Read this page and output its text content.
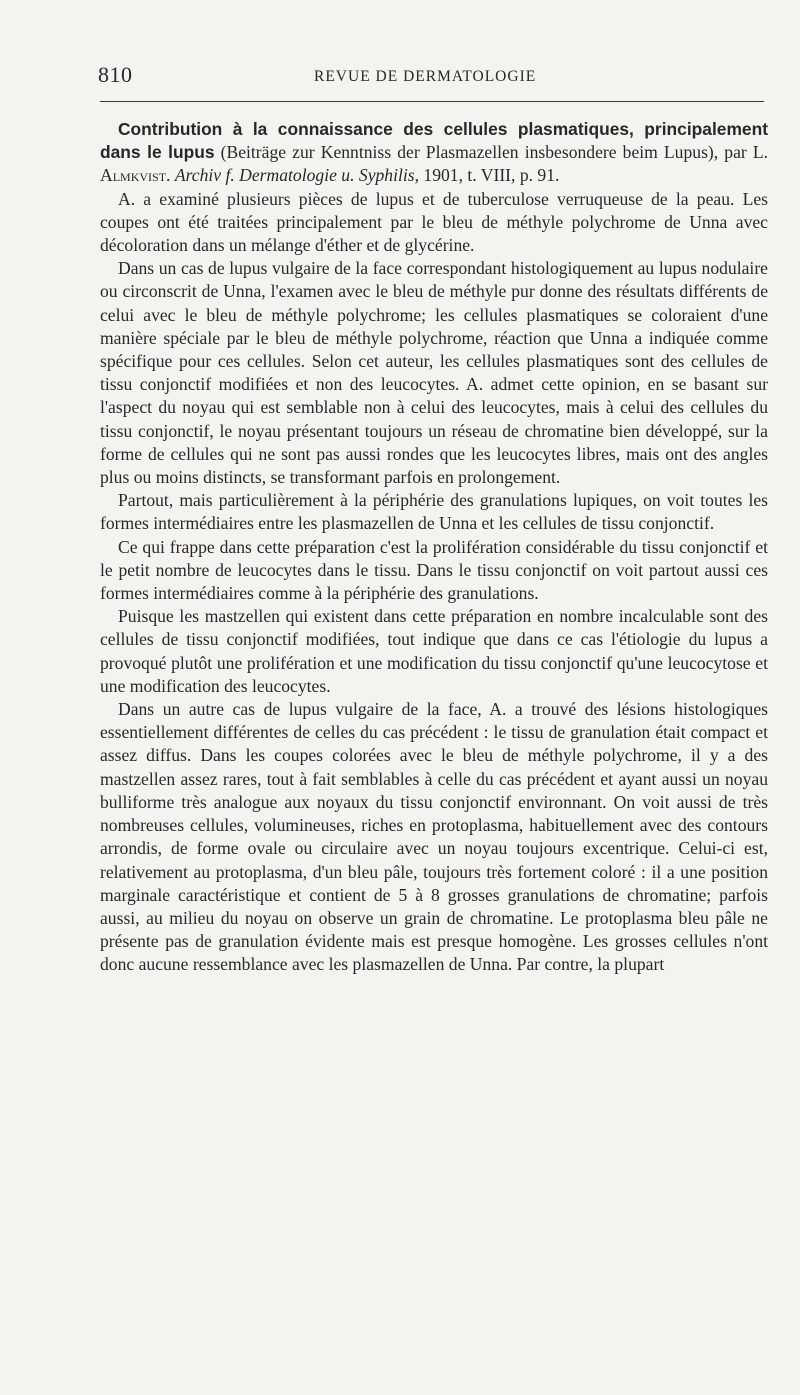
810	REVUE DE DERMATOLOGIE

Contribution à la connaissance des cellules plasmatiques, principalement dans le lupus (Beiträge zur Kenntniss der Plasmazellen insbesondere beim Lupus), par L. Almkvist. Archiv f. Dermatologie u. Syphilis, 1901, t. VIII, p. 91.

A. a examiné plusieurs pièces de lupus et de tuberculose verruqueuse de la peau. Les coupes ont été traitées principalement par le bleu de méthyle polychrome de Unna avec décoloration dans un mélange d'éther et de glycérine.

Dans un cas de lupus vulgaire de la face correspondant histologiquement au lupus nodulaire ou circonscrit de Unna, l'examen avec le bleu de méthyle pur donne des résultats différents de celui avec le bleu de méthyle polychrome; les cellules plasmatiques se coloraient d'une manière spéciale par le bleu de méthyle polychrome, réaction que Unna a indiquée comme spécifique pour ces cellules. Selon cet auteur, les cellules plasmatiques sont des cellules de tissu conjonctif modifiées et non des leucocytes. A. admet cette opinion, en se basant sur l'aspect du noyau qui est semblable non à celui des leucocytes, mais à celui des cellules du tissu conjonctif, le noyau présentant toujours un réseau de chromatine bien développé, sur la forme de cellules qui ne sont pas aussi rondes que les leucocytes libres, mais ont des angles plus ou moins distincts, se transformant parfois en prolongement.

Partout, mais particulièrement à la périphérie des granulations lupiques, on voit toutes les formes intermédiaires entre les plasmazellen de Unna et les cellules de tissu conjonctif.

Ce qui frappe dans cette préparation c'est la prolifération considérable du tissu conjonctif et le petit nombre de leucocytes dans le tissu. Dans le tissu conjonctif on voit partout aussi ces formes intermédiaires comme à la périphérie des granulations.

Puisque les mastzellen qui existent dans cette préparation en nombre incalculable sont des cellules de tissu conjonctif modifiées, tout indique que dans ce cas l'étiologie du lupus a provoqué plutôt une prolifération et une modification du tissu conjonctif qu'une leucocytose et une modification des leucocytes.

Dans un autre cas de lupus vulgaire de la face, A. a trouvé des lésions histologiques essentiellement différentes de celles du cas précédent : le tissu de granulation était compact et assez diffus. Dans les coupes colorées avec le bleu de méthyle polychrome, il y a des mastzellen assez rares, tout à fait semblables à celle du cas précédent et ayant aussi un noyau bulliforme très analogue aux noyaux du tissu conjonctif environnant. On voit aussi de très nombreuses cellules, volumineuses, riches en protoplasma, habituellement avec des contours arrondis, de forme ovale ou circulaire avec un noyau toujours excentrique. Celui-ci est, relativement au protoplasma, d'un bleu pâle, toujours très fortement coloré : il a une position marginale caractéristique et contient de 5 à 8 grosses granulations de chromatine; parfois aussi, au milieu du noyau on observe un grain de chromatine. Le protoplasma bleu pâle ne présente pas de granulation évidente mais est presque homogène. Les grosses cellules n'ont donc aucune ressemblance avec les plasmazellen de Unna. Par contre, la plupart
